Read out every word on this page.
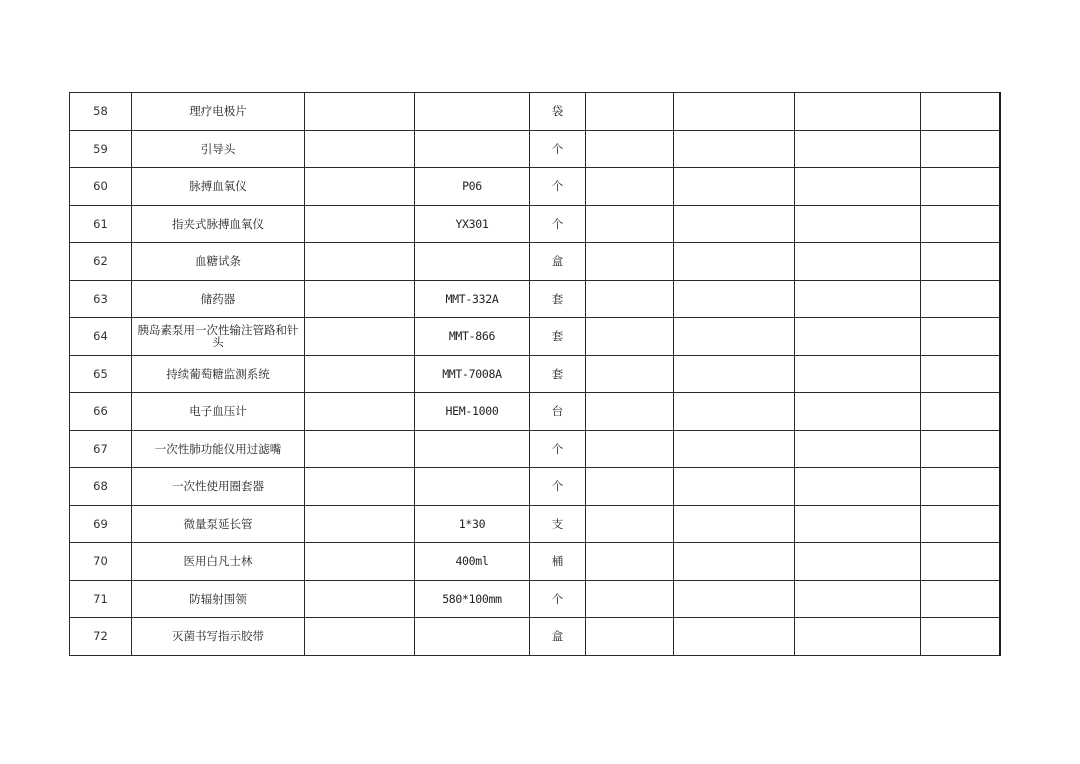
58	理疗电极片			袋				
59	引导头			个				
60	脉搏血氧仪		P06	个				
61	指夹式脉搏血氧仪		YX301	个				
62	血糖试条			盒				
63	储药器		MMT-332A	套				
64	胰岛素泵用一次性输注管路和针头		MMT-866	套				
65	持续葡萄糖监测系统		MMT-7008A	套				
66	电子血压计		HEM-1000	台				
67	一次性肺功能仪用过滤嘴			个				
68	一次性使用圈套器			个				
69	微量泵延长管		1*30	支				
70	医用白凡士林		400ml	桶				
71	防辐射围领		580*100mm	个				
72	灭菌书写指示胶带			盒				
